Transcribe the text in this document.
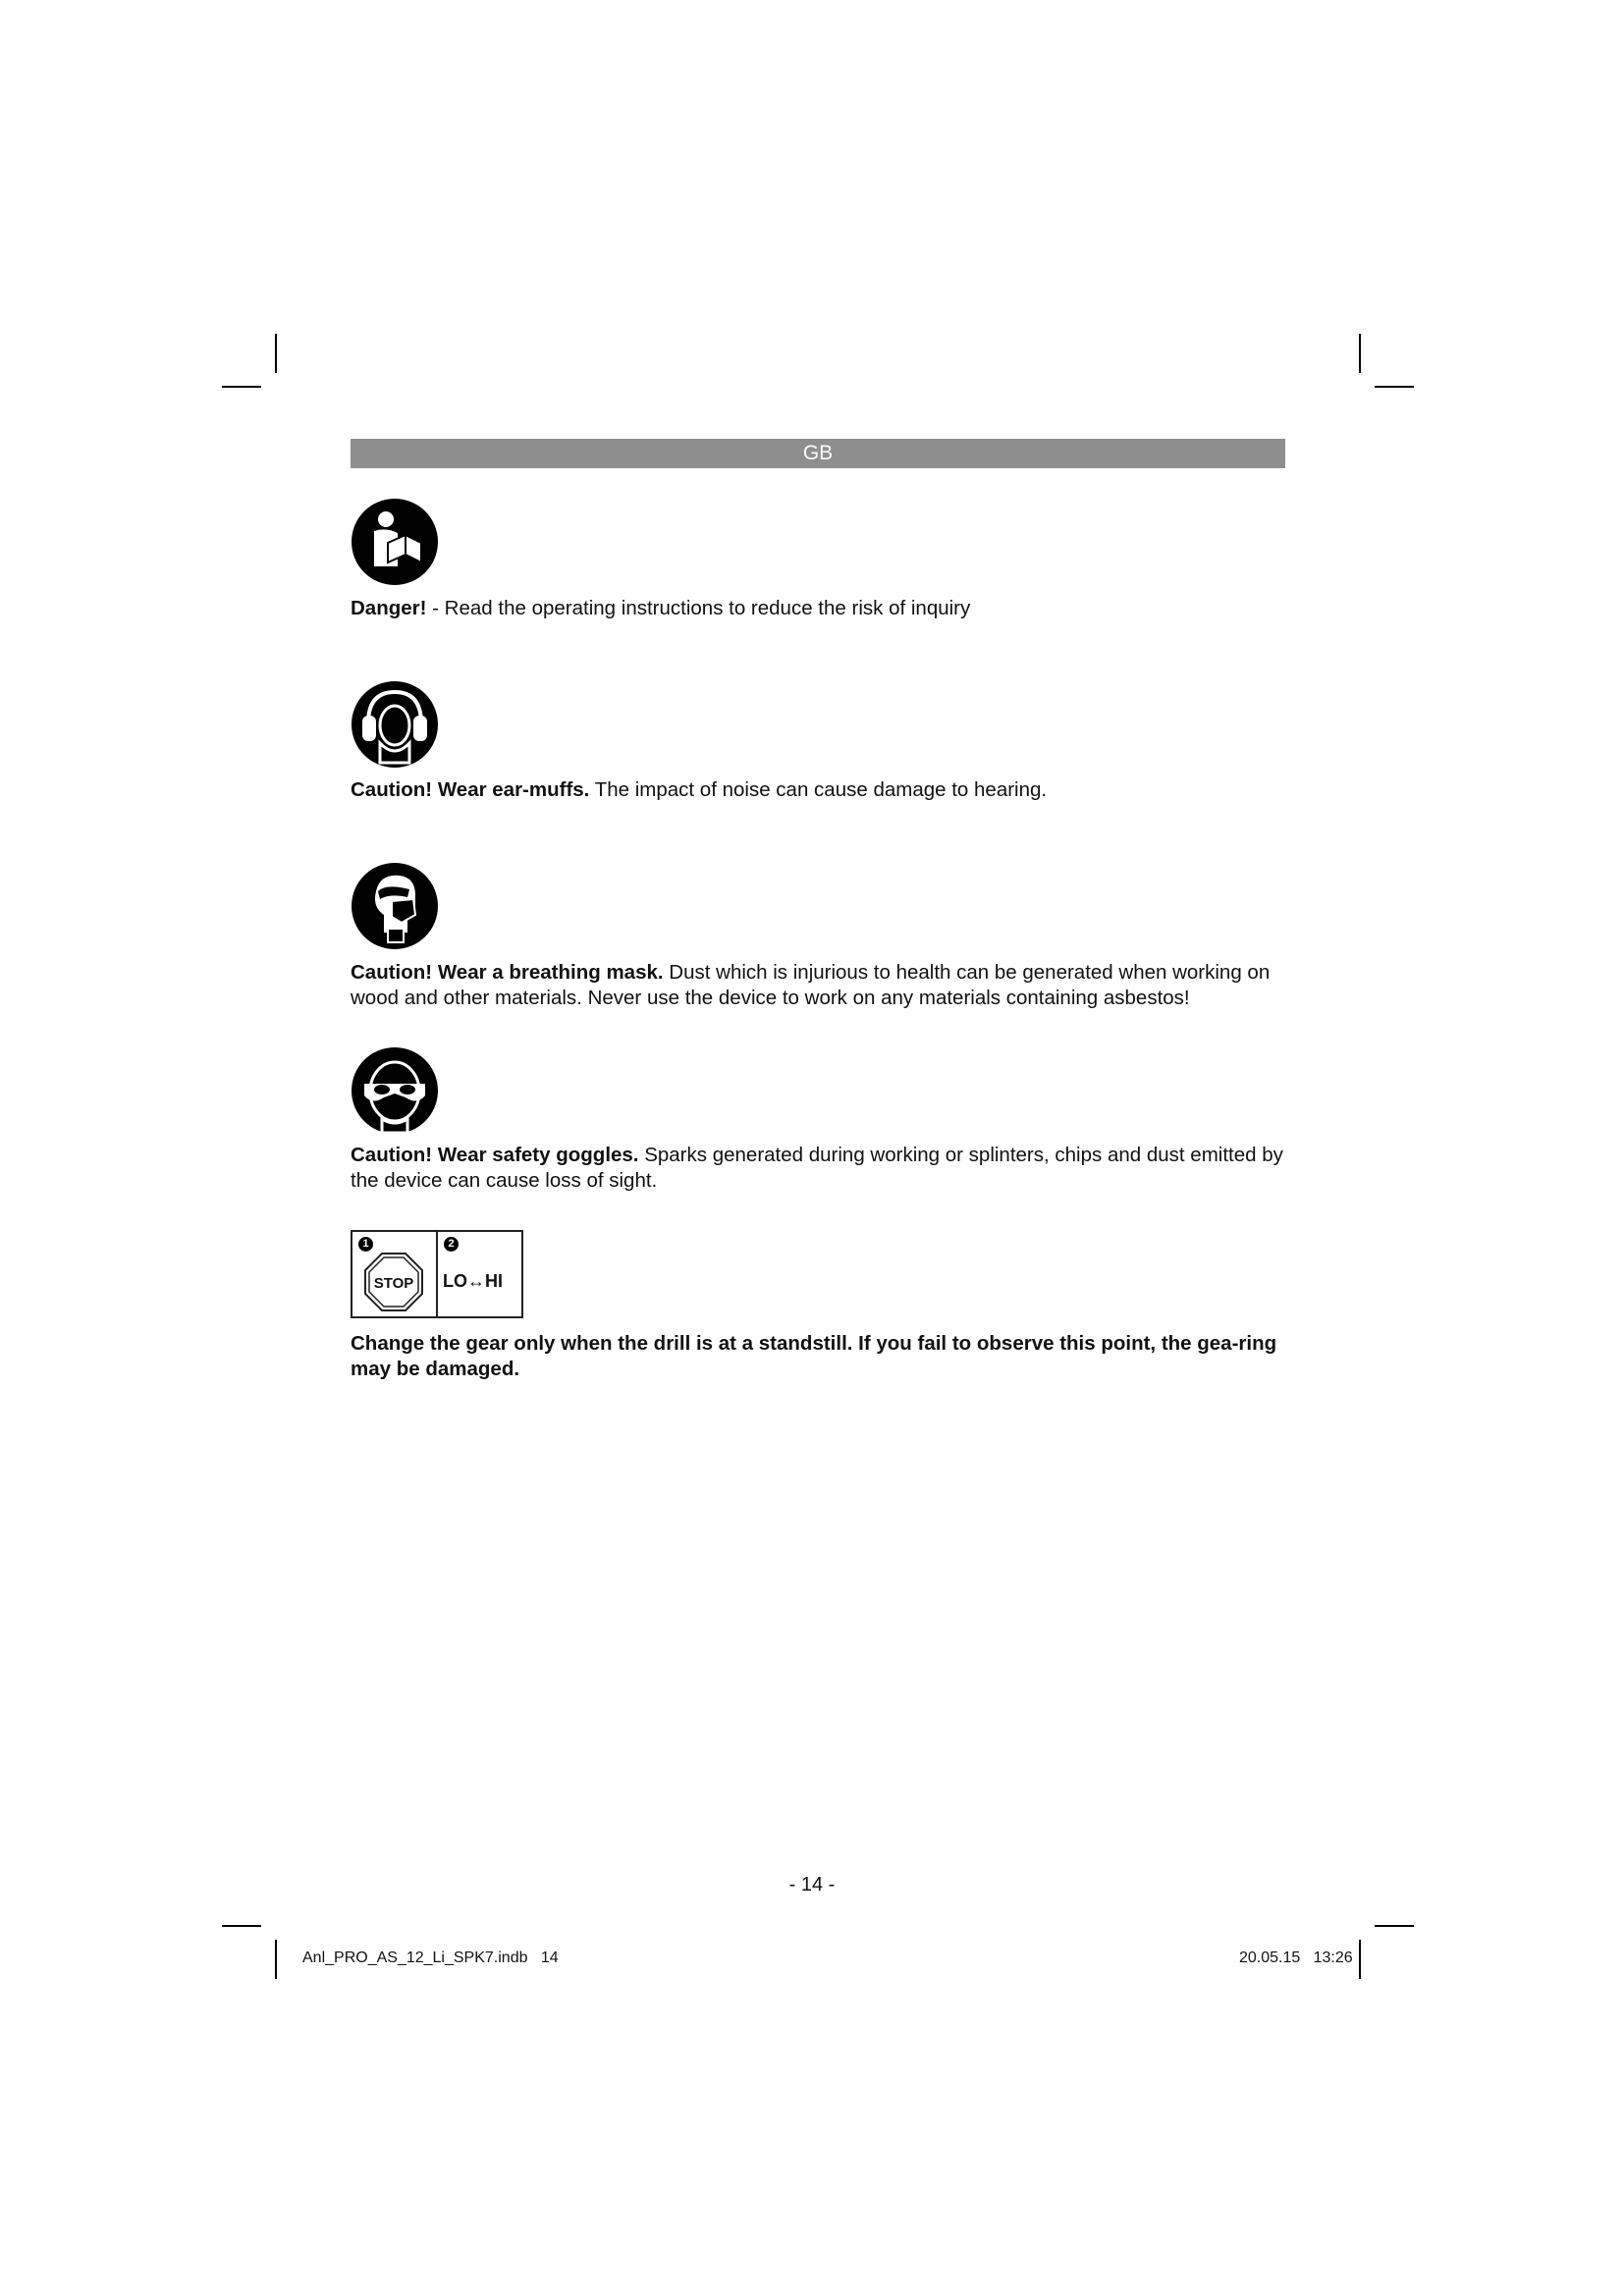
GB

Danger! - Read the operating instructions to reduce the risk of inquiry

Caution! Wear ear-muffs. The impact of noise can cause damage to hearing.

Caution! Wear a breathing mask. Dust which is injurious to health can be generated when working on wood and other materials. Never use the device to work on any materials containing asbestos!

Caution! Wear safety goggles. Sparks generated during working or splinters, chips and dust emitted by the device can cause loss of sight.

1
STOP
2
LO↔HI

Change the gear only when the drill is at a standstill. If you fail to observe this point, the gea-ring may be damaged.

- 14 -
Anl_PRO_AS_12_Li_SPK7.indb   14	20.05.15   13:26
